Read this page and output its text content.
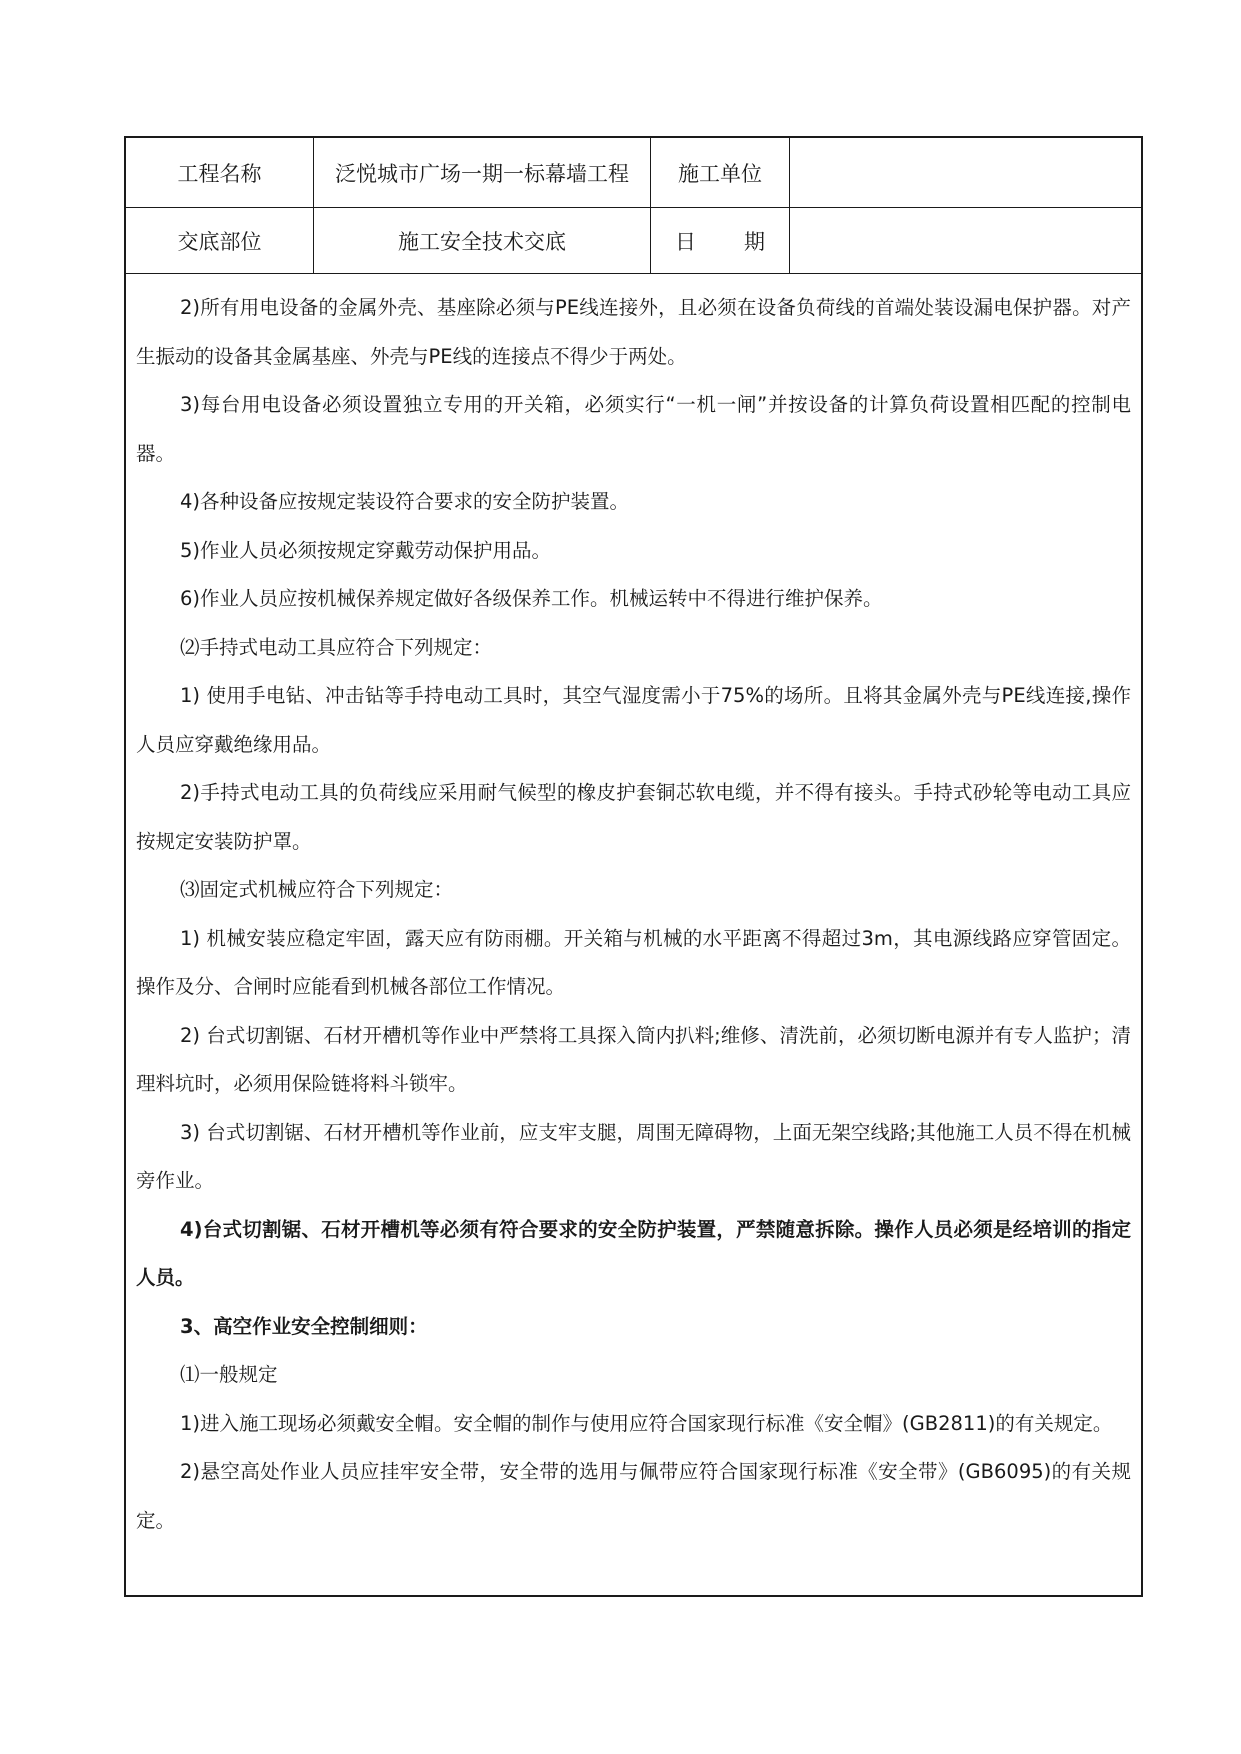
工程名称	泛悦城市广场一期一标幕墙工程	施工单位
交底部位	施工安全技术交底	日期

2)所有用电设备的金属外壳、基座除必须与PE线连接外，且必须在设备负荷线的首端处装设漏电保护器。对产生振动的设备其金属基座、外壳与PE线的连接点不得少于两处。

3)每台用电设备必须设置独立专用的开关箱，必须实行“一机一闸”并按设备的计算负荷设置相匹配的控制电器。

4)各种设备应按规定装设符合要求的安全防护装置。

5)作业人员必须按规定穿戴劳动保护用品。

6)作业人员应按机械保养规定做好各级保养工作。机械运转中不得进行维护保养。

⑵手持式电动工具应符合下列规定：

1) 使用手电钻、冲击钻等手持电动工具时，其空气湿度需小于75%的场所。且将其金属外壳与PE线连接,操作人员应穿戴绝缘用品。

2)手持式电动工具的负荷线应采用耐气候型的橡皮护套铜芯软电缆，并不得有接头。手持式砂轮等电动工具应按规定安装防护罩。

⑶固定式机械应符合下列规定：

1) 机械安装应稳定牢固，露天应有防雨棚。开关箱与机械的水平距离不得超过3m，其电源线路应穿管固定。操作及分、合闸时应能看到机械各部位工作情况。

2) 台式切割锯、石材开槽机等作业中严禁将工具探入筒内扒料;维修、清洗前，必须切断电源并有专人监护；清理料坑时，必须用保险链将料斗锁牢。

3) 台式切割锯、石材开槽机等作业前，应支牢支腿，周围无障碍物，上面无架空线路;其他施工人员不得在机械旁作业。

4)台式切割锯、石材开槽机等必须有符合要求的安全防护装置，严禁随意拆除。操作人员必须是经培训的指定人员。

3、高空作业安全控制细则：

⑴一般规定

1)进入施工现场必须戴安全帽。安全帽的制作与使用应符合国家现行标准《安全帽》(GB2811)的有关规定。

2)悬空高处作业人员应挂牢安全带，安全带的选用与佩带应符合国家现行标准《安全带》(GB6095)的有关规定。
